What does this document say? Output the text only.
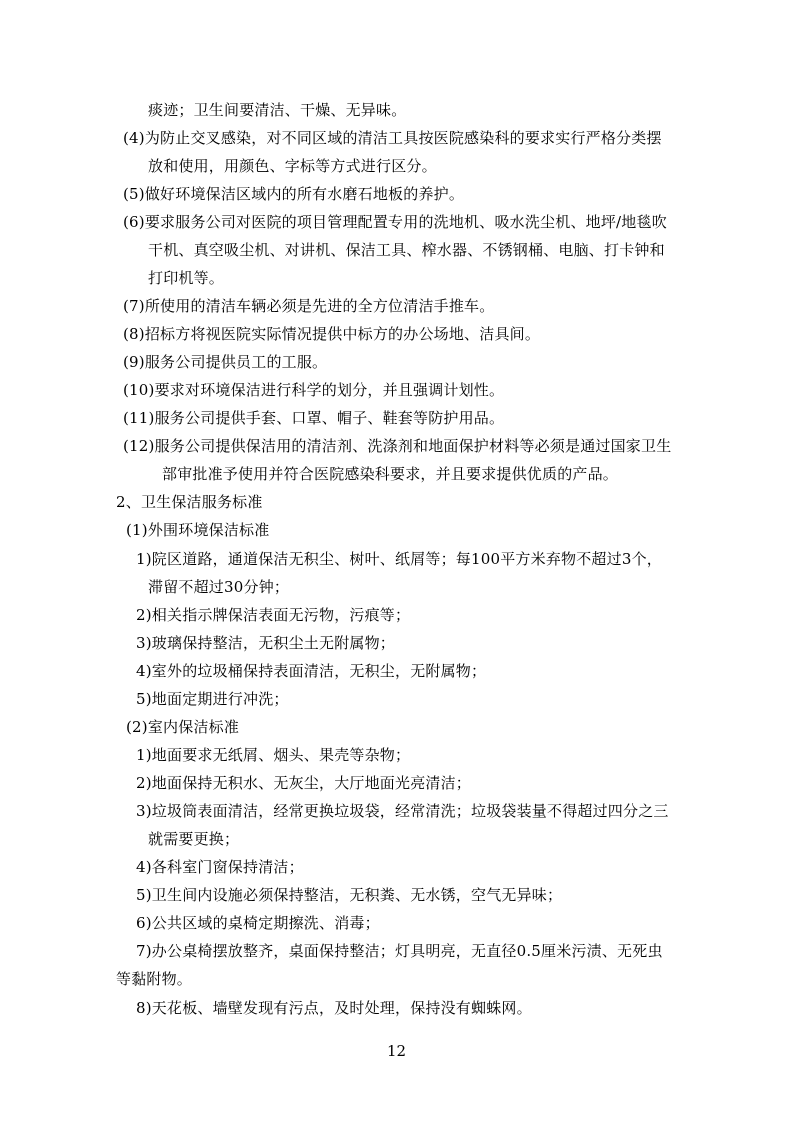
痰迹；卫生间要清洁、干燥、无异味。
(4)为防止交叉感染，对不同区域的清洁工具按医院感染科的要求实行严格分类摆
放和使用，用颜色、字标等方式进行区分。
(5)做好环境保洁区域内的所有水磨石地板的养护。
(6)要求服务公司对医院的项目管理配置专用的洗地机、吸水洗尘机、地坪/地毯吹
干机、真空吸尘机、对讲机、保洁工具、榨水器、不锈钢桶、电脑、打卡钟和
打印机等。
(7)所使用的清洁车辆必须是先进的全方位清洁手推车。
(8)招标方将视医院实际情况提供中标方的办公场地、洁具间。
(9)服务公司提供员工的工服。
(10)要求对环境保洁进行科学的划分，并且强调计划性。
(11)服务公司提供手套、口罩、帽子、鞋套等防护用品。
(12)服务公司提供保洁用的清洁剂、洗涤剂和地面保护材料等必须是通过国家卫生
部审批准予使用并符合医院感染科要求，并且要求提供优质的产品。
2、卫生保洁服务标准
(1)外围环境保洁标准
1)院区道路，通道保洁无积尘、树叶、纸屑等；每100平方米弃物不超过3个，
滞留不超过30分钟；
2)相关指示牌保洁表面无污物，污痕等；
3)玻璃保持整洁，无积尘土无附属物；
4)室外的垃圾桶保持表面清洁，无积尘，无附属物；
5)地面定期进行冲洗；
(2)室内保洁标准
1)地面要求无纸屑、烟头、果壳等杂物；
2)地面保持无积水、无灰尘，大厅地面光亮清洁；
3)垃圾筒表面清洁，经常更换垃圾袋，经常清洗；垃圾袋装量不得超过四分之三
就需要更换；
4)各科室门窗保持清洁；
5)卫生间内设施必须保持整洁，无积粪、无水锈，空气无异味；
6)公共区域的桌椅定期擦洗、消毒；
7)办公桌椅摆放整齐，桌面保持整洁；灯具明亮，无直径0.5厘米污渍、无死虫
等黏附物。
8)天花板、墙壁发现有污点，及时处理，保持没有蜘蛛网。
12
